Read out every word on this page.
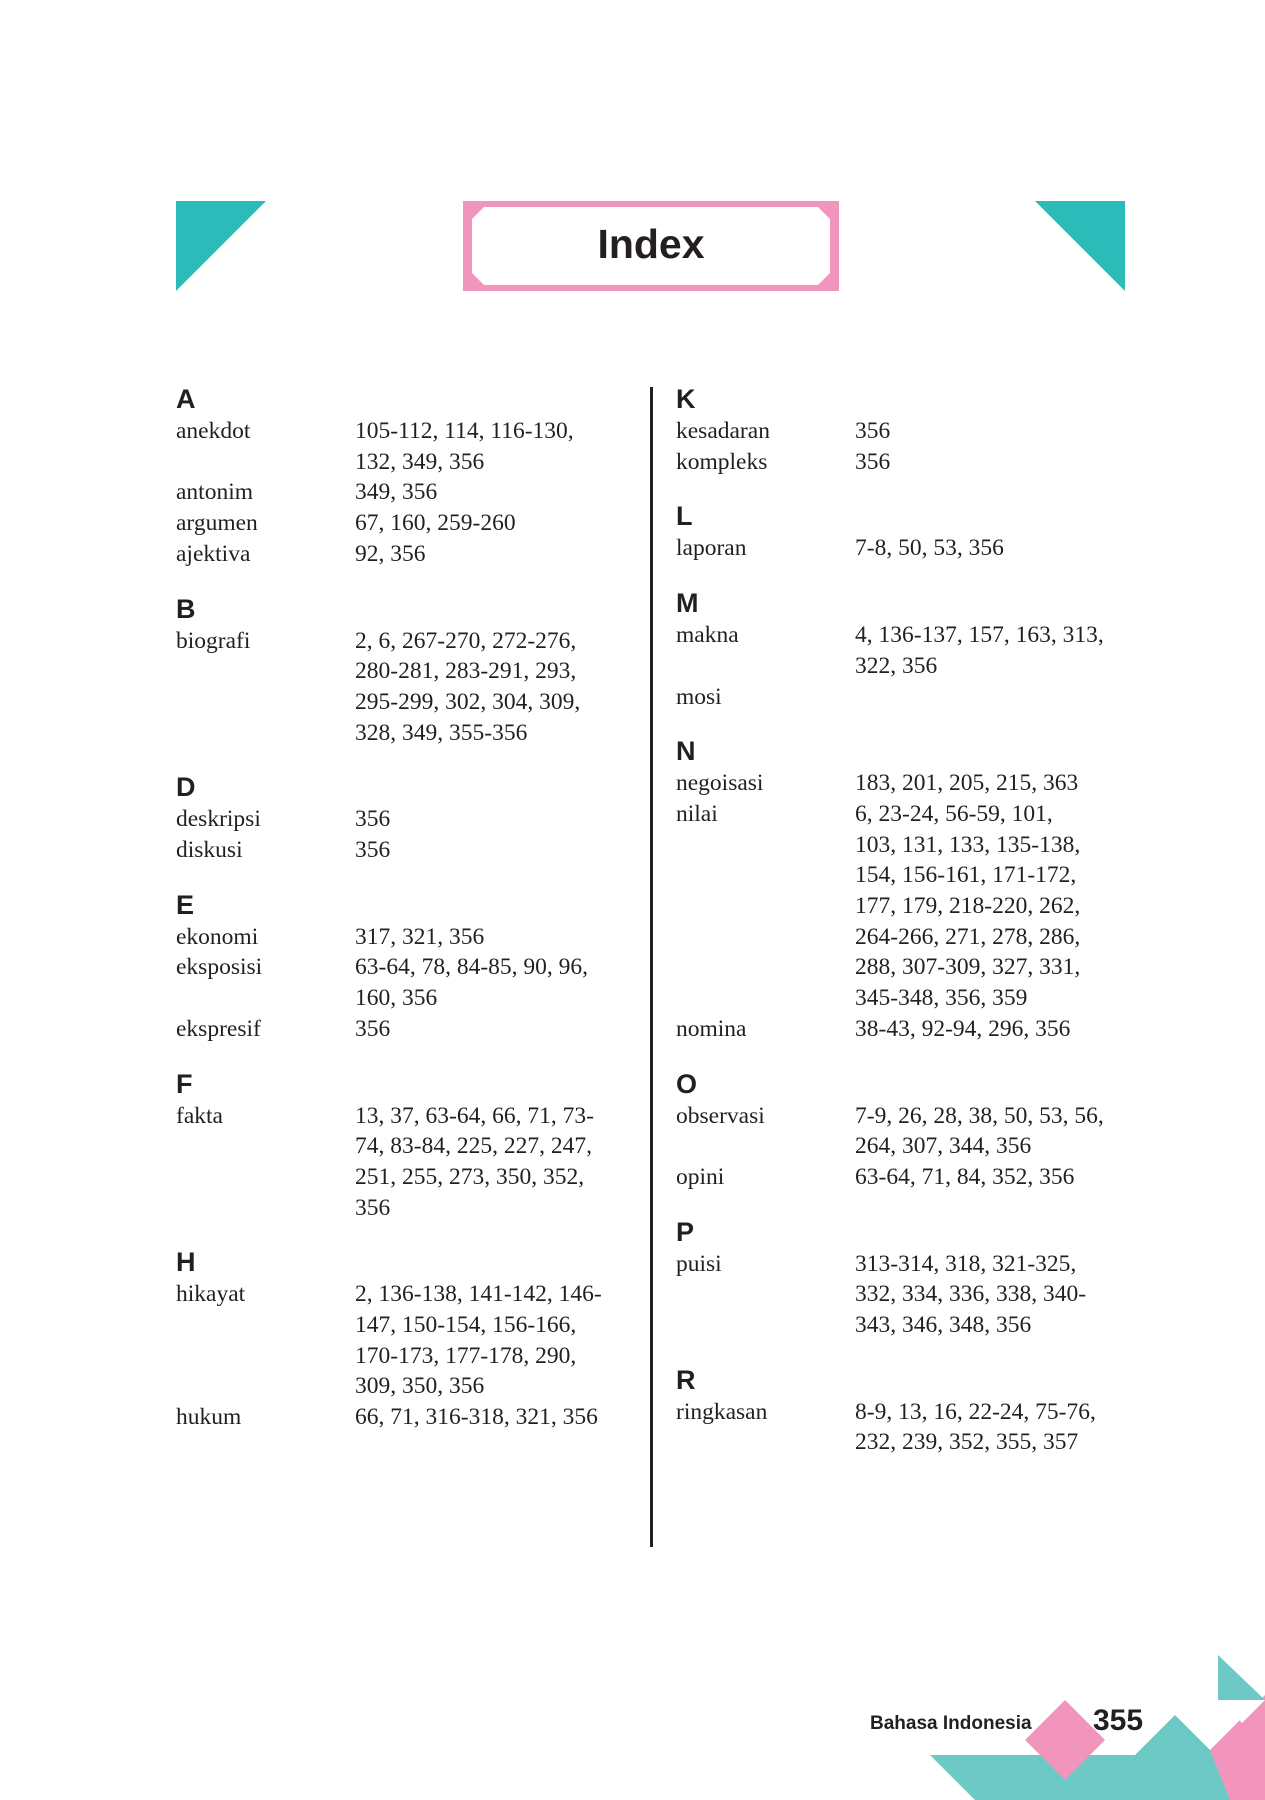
Index
A
anekdot	105-112, 114, 116-130,
132, 349, 356
antonim	349, 356
argumen	67, 160, 259-260
ajektiva	92, 356
B
biografi	2, 6, 267-270, 272-276,
280-281, 283-291, 293,
295-299, 302, 304, 309,
328, 349, 355-356
D
deskripsi	356
diskusi	356
E
ekonomi	317, 321, 356
eksposisi	63-64, 78, 84-85, 90, 96,
160, 356
ekspresif	356
F
fakta	13, 37, 63-64, 66, 71, 73-
74, 83-84, 225, 227, 247,
251, 255, 273, 350, 352,
356
H
hikayat	2, 136-138, 141-142, 146-
147, 150-154, 156-166,
170-173, 177-178, 290,
309, 350, 356
hukum	66, 71, 316-318, 321, 356
K
kesadaran	356
kompleks	356
L
laporan	7-8, 50, 53, 356
M
makna	4, 136-137, 157, 163, 313,
322, 356
mosi
N
negoisasi	183, 201, 205, 215, 363
nilai	6, 23-24, 56-59, 101,
103, 131, 133, 135-138,
154, 156-161, 171-172,
177, 179, 218-220, 262,
264-266, 271, 278, 286,
288, 307-309, 327, 331,
345-348, 356, 359
nomina	38-43, 92-94, 296, 356
O
observasi	7-9, 26, 28, 38, 50, 53, 56,
264, 307, 344, 356
opini	63-64, 71, 84, 352, 356
P
puisi	313-314, 318, 321-325,
332, 334, 336, 338, 340-
343, 346, 348, 356
R
ringkasan	8-9, 13, 16, 22-24, 75-76,
232, 239, 352, 355, 357
Bahasa Indonesia 355
